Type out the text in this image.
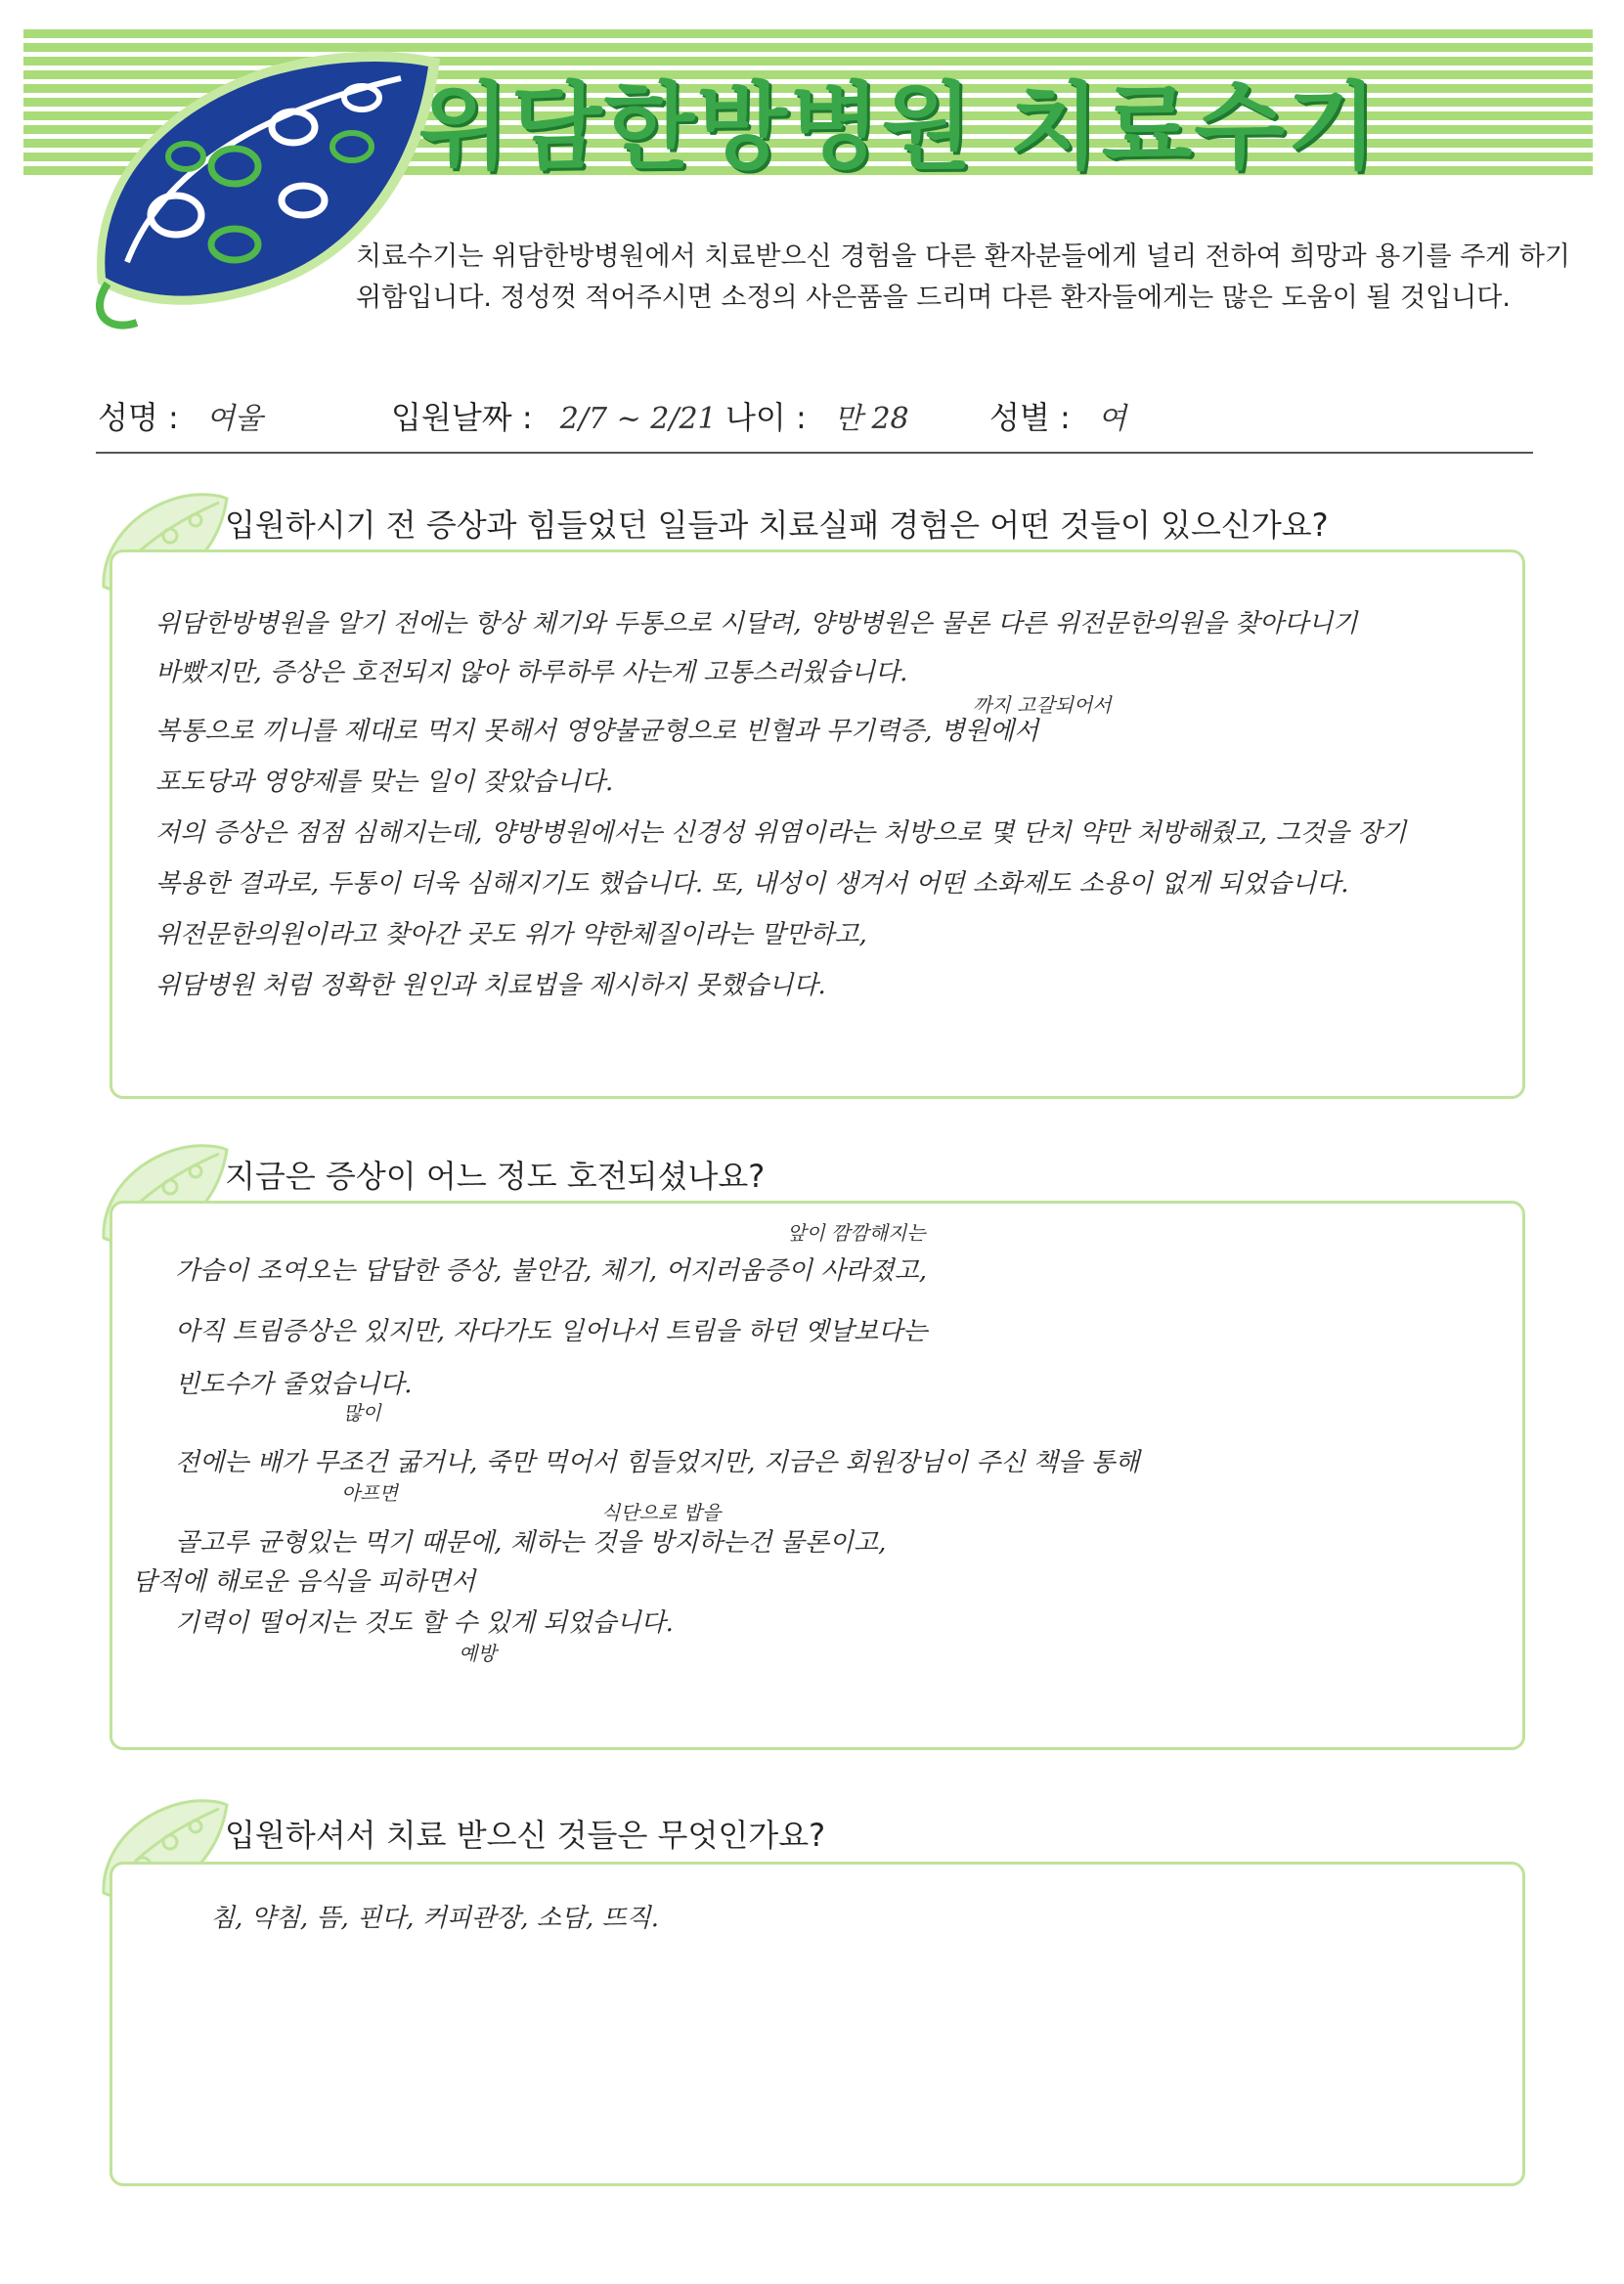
위담한방병원 치료수기
치료수기는 위담한방병원에서 치료받으신 경험을 다른 환자분들에게 널리 전하여 희망과 용기를 주게 하기
위함입니다. 정성껏 적어주시면 소정의 사은품을 드리며 다른 환자들에게는 많은 도움이 될 것입니다.
성명 : 여울	입원날짜 : 2/7 ~ 2/21 나이 : 만 28	성별 : 여
입원하시기 전 증상과 힘들었던 일들과 치료실패 경험은 어떤 것들이 있으신가요?
위담한방병원을 알기 전에는 항상 체기와 두통으로 시달려, 양방병원은 물론 다른 위전문한의원을 찾아다니기
바빴지만, 증상은 호전되지 않아 하루하루 사는게 고통스러웠습니다.
까지 고갈되어서
복통으로 끼니를 제대로 먹지 못해서 영양불균형으로 빈혈과 무기력증, 병원에서
포도당과 영양제를 맞는 일이 잦았습니다.
저의 증상은 점점 심해지는데, 양방병원에서는 신경성 위염이라는 처방으로 몇 단치 약만 처방해줬고, 그것을 장기
복용한 결과로, 두통이 더욱 심해지기도 했습니다. 또, 내성이 생겨서 어떤 소화제도 소용이 없게 되었습니다.
위전문한의원이라고 찾아간 곳도 위가 약한체질이라는 말만하고,
위담병원 처럼 정확한 원인과 치료법을 제시하지 못했습니다.
지금은 증상이 어느 정도 호전되셨나요?
앞이 깜깜해지는
가슴이 조여오는 답답한 증상, 불안감, 체기, 어지러움증이 사라졌고,
아직 트림증상은 있지만, 자다가도 일어나서 트림을 하던 옛날보다는
빈도수가 줄었습니다.
많이
전에는 배가 무조건 굶거나, 죽만 먹어서 힘들었지만, 지금은 회원장님이 주신 책을 통해
아프면
식단으로 밥을
골고루 균형있는 먹기 때문에, 체하는 것을 방지하는건 물론이고,
담적에 해로운 음식을 피하면서
기력이 떨어지는 것도 할 수 있게 되었습니다.
예방
입원하셔서 치료 받으신 것들은 무엇인가요?
침, 약침, 뜸, 핀다, 커피관장, 소담, 뜨직.
